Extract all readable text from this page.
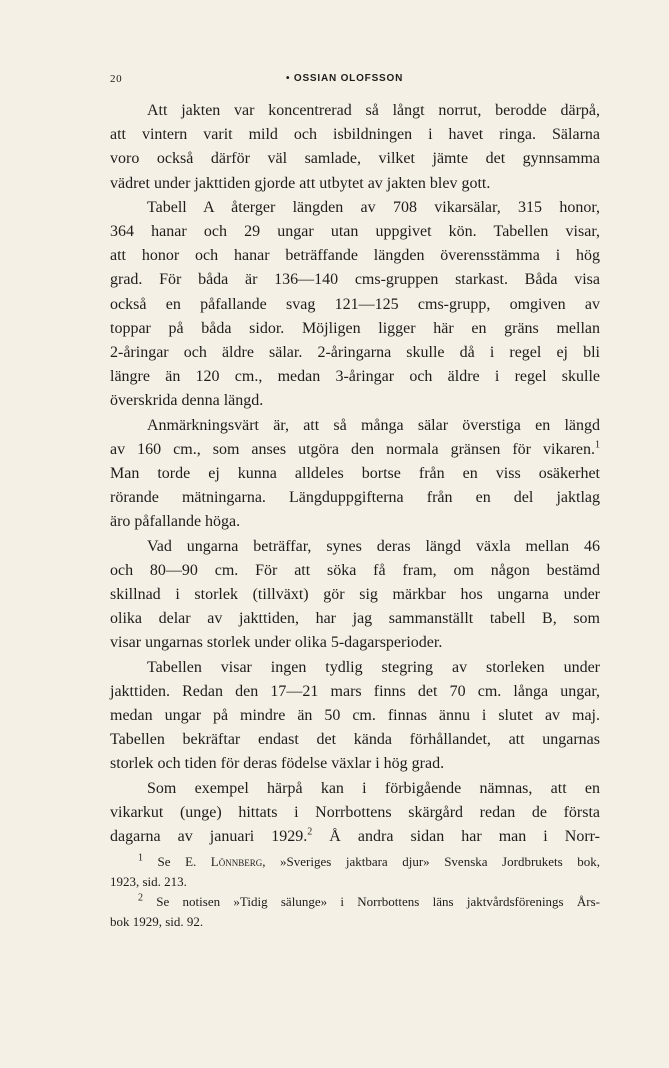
20	• OSSIAN OLOFSSON
Att jakten var koncentrerad så långt norrut, berodde därpå,
att vintern varit mild och isbildningen i havet ringa. Sälarna
voro också därför väl samlade, vilket jämte det gynnsamma
vädret under jakttiden gjorde att utbytet av jakten blev gott.
Tabell A återger längden av 708 vikarsälar, 315 honor,
364 hanar och 29 ungar utan uppgivet kön. Tabellen visar,
att honor och hanar beträffande längden överensstämma i hög
grad. För båda är 136—140 cms-gruppen starkast. Båda visa
också en påfallande svag 121—125 cms-grupp, omgiven av
toppar på båda sidor. Möjligen ligger här en gräns mellan
2-åringar och äldre sälar. 2-åringarna skulle då i regel ej bli
längre än 120 cm., medan 3-åringar och äldre i regel skulle
överskrida denna längd.
Anmärkningsvärt är, att så många sälar överstiga en längd
av 160 cm., som anses utgöra den normala gränsen för vikaren.$^1$
Man torde ej kunna alldeles bortse från en viss osäkerhet
rörande mätningarna. Längduppgifterna från en del jaktlag
äro påfallande höga.
Vad ungarna beträffar, synes deras längd växla mellan 46
och 80—90 cm. För att söka få fram, om någon bestämd
skillnad i storlek (tillväxt) gör sig märkbar hos ungarna under
olika delar av jakttiden, har jag sammanställt tabell B, som
visar ungarnas storlek under olika 5-dagarsperioder.
Tabellen visar ingen tydlig stegring av storleken under
jakttiden. Redan den 17—21 mars finns det 70 cm. långa ungar,
medan ungar på mindre än 50 cm. finnas ännu i slutet av maj.
Tabellen bekräftar endast det kända förhållandet, att ungarnas
storlek och tiden för deras födelse växlar i hög grad.
Som exempel härpå kan i förbigående nämnas, att en
vikarkut (unge) hittats i Norrbottens skärgård redan de första
dagarna av januari 1929.$^2$ Å andra sidan har man i Norr-
$^1$ Se E. Lönnberg, »Sveriges jaktbara djur» Svenska Jordbrukets bok,
1923, sid. 213.
$^2$ Se notisen »Tidig sälunge» i Norrbottens läns jaktvårdsförenings Års-
bok 1929, sid. 92.
